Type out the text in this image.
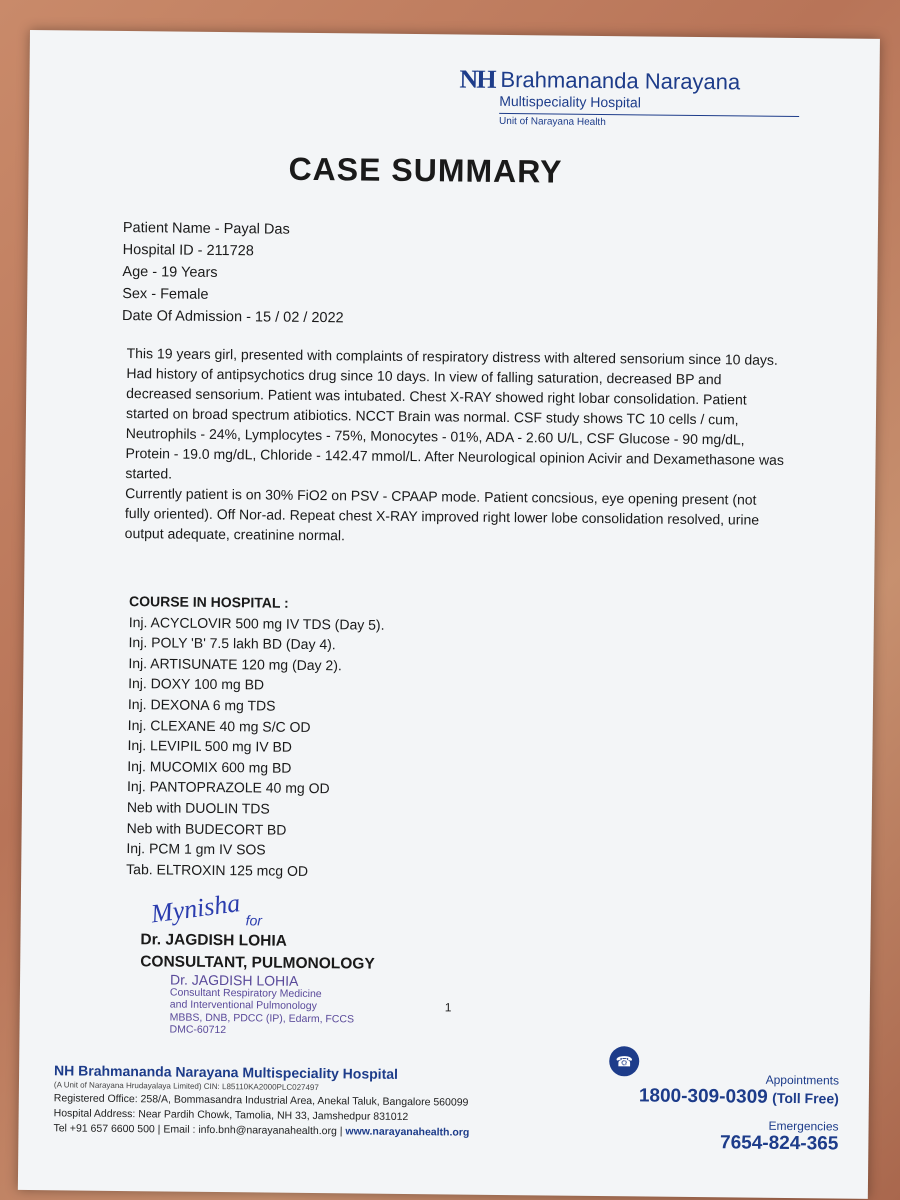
NH Brahmananda Narayana
Multispeciality Hospital
Unit of Narayana Health
CASE SUMMARY
Patient Name - Payal Das
Hospital ID - 211728
Age - 19 Years
Sex - Female
Date Of Admission - 15 / 02 / 2022

This 19 years girl, presented with complaints of respiratory distress with altered sensorium since 10 days. Had history of antipsychotics drug since 10 days. In view of falling saturation, decreased BP and decreased sensorium. Patient was intubated. Chest X-RAY showed right lobar consolidation. Patient started on broad spectrum atibiotics. NCCT Brain was normal. CSF study shows TC 10 cells / cum, Neutrophils - 24%, Lymplocytes - 75%, Monocytes - 01%, ADA - 2.60 U/L, CSF Glucose - 90 mg/dL, Protein - 19.0 mg/dL, Chloride - 142.47 mmol/L. After Neurological opinion Acivir and Dexamethasone was started.

Currently patient is on 30% FiO2 on PSV - CPAAP mode. Patient concsious, eye opening present (not fully oriented). Off Nor-ad. Repeat chest X-RAY improved right lower lobe consolidation resolved, urine output adequate, creatinine normal.

COURSE IN HOSPITAL :
Inj. ACYCLOVIR 500 mg IV TDS (Day 5).
Inj. POLY 'B' 7.5 lakh BD (Day 4).
Inj. ARTISUNATE 120 mg (Day 2).
Inj. DOXY 100 mg BD
Inj. DEXONA 6 mg TDS
Inj. CLEXANE 40 mg S/C OD
Inj. LEVIPIL 500 mg IV BD
Inj. MUCOMIX 600 mg BD
Inj. PANTOPRAZOLE 40 mg OD
Neb with DUOLIN TDS
Neb with BUDECORT BD
Inj. PCM 1 gm IV SOS
Tab. ELTROXIN 125 mcg OD
Mynisha for
Dr. JAGDISH LOHIA
CONSULTANT, PULMONOLOGY
Dr. JAGDISH LOHIA
Consultant Respiratory Medicine
and Interventional Pulmonology
MBBS, DNB, PDCC (IP), Edarm, FCCS
DMC-60712
1
NH Brahmananda Narayana Multispeciality Hospital
(A Unit of Narayana Hrudayalaya Limited) CIN: L85110KA2000PLC027497
Registered Office: 258/A, Bommasandra Industrial Area, Anekal Taluk, Bangalore 560099
Hospital Address: Near Pardih Chowk, Tamolia, NH 33, Jamshedpur 831012
Tel +91 657 6600 500 | Email : info.bnh@narayanahealth.org | www.narayanahealth.org
☎
Appointments
1800-309-0309 (Toll Free)
Emergencies
7654-824-365
